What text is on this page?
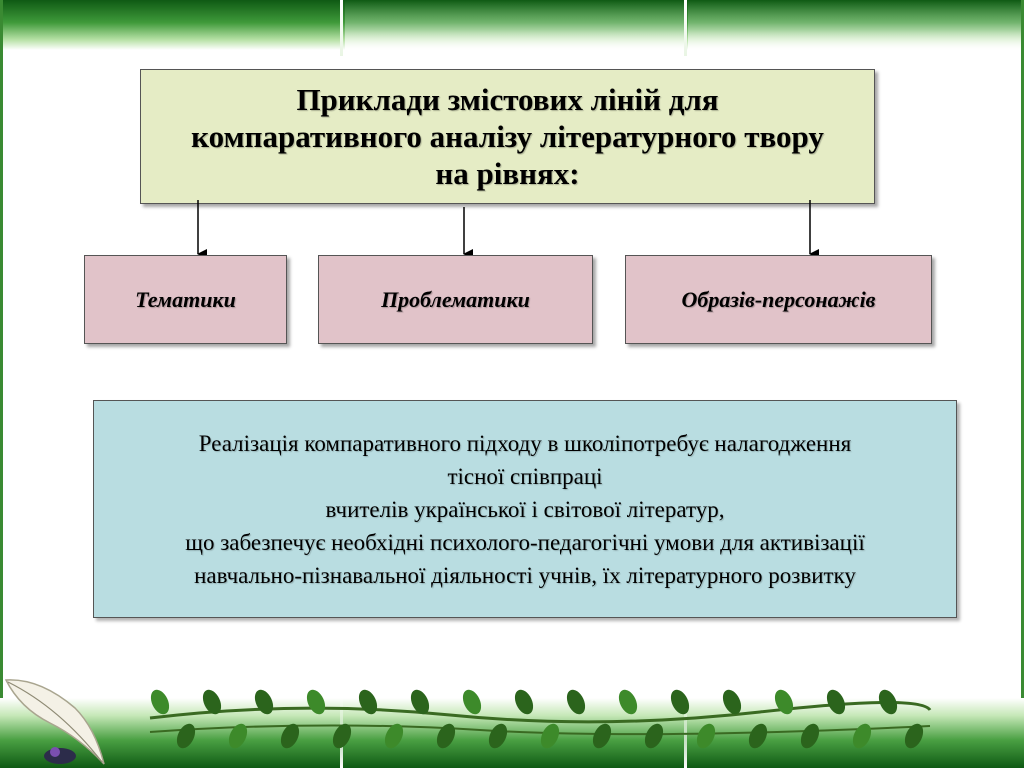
Приклади змістових ліній для
компаративного аналізу літературного твору
на рівнях:
Тематики	Проблематики	Образів-персонажів

Реалізація компаративного підходу в школіпотребує налагодження

тісної співпраці

вчителів української і світової літератур,

що забезпечує необхідні психолого-педагогічні умови для активізації

навчально-пізнавальної діяльності учнів, їх літературного розвитку
